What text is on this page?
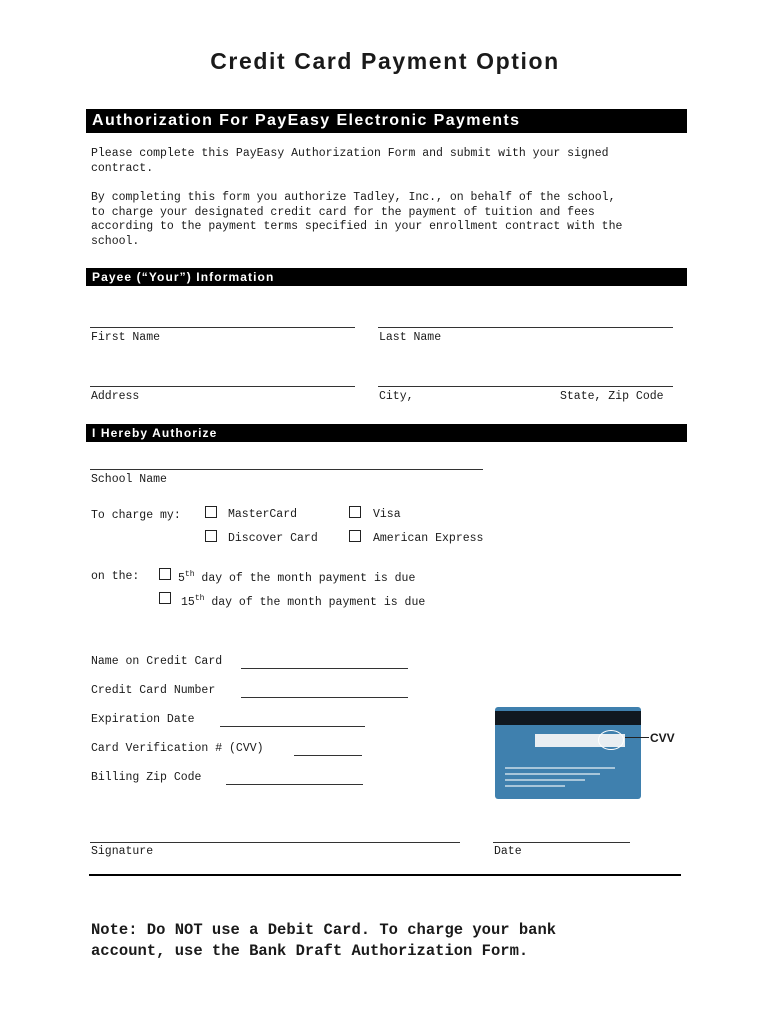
Credit Card Payment Option
Authorization For PayEasy Electronic Payments
Please complete this PayEasy Authorization Form and submit with your signed
contract.
By completing this form you authorize Tadley, Inc., on behalf of the school,
to charge your designated credit card for the payment of tuition and fees
according to the payment terms specified in your enrollment contract with the
school.
Payee (“Your”) Information
First Name	Last Name
Address	City,	State, Zip Code
I Hereby Authorize
School Name
To charge my:	MasterCard	Visa
Discover Card	American Express
on the:	5th day of the month payment is due
15th day of the month payment is due
Name on Credit Card
Credit Card Number
Expiration Date
Card Verification # (CVV)
Billing Zip Code
CVV
Signature	Date
Note: Do NOT use a Debit Card. To charge your bank
account, use the Bank Draft Authorization Form.
